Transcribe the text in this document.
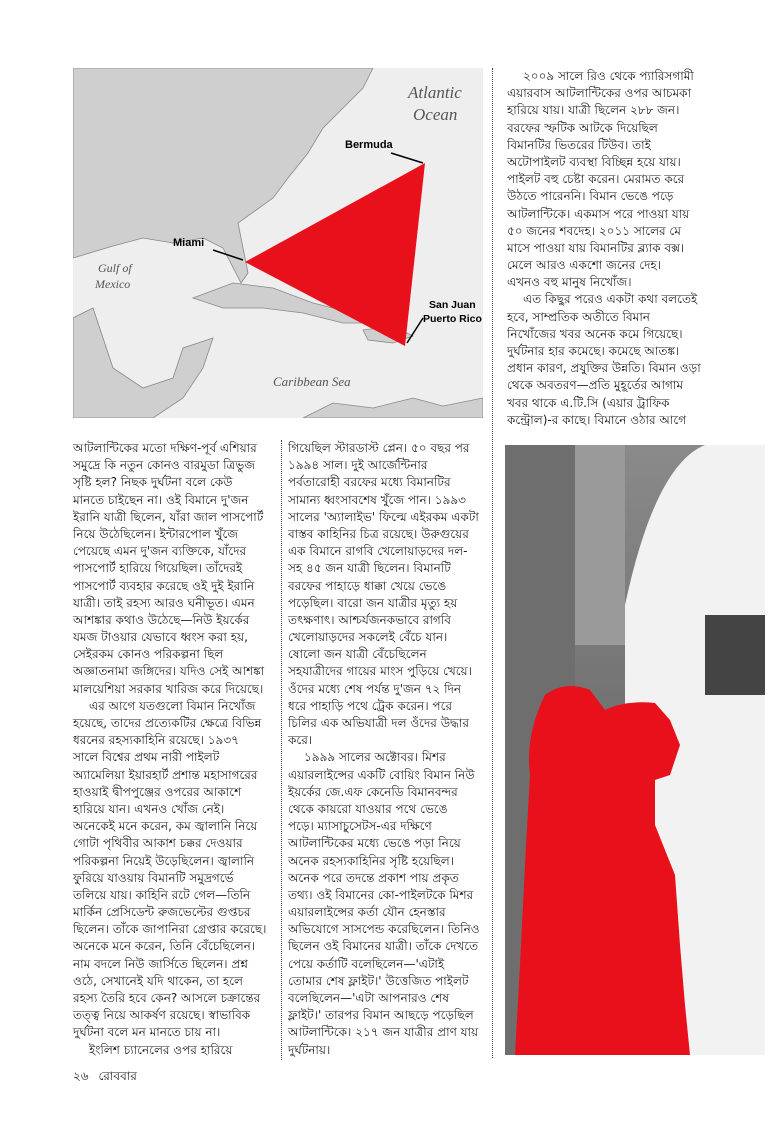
Atlantic
Ocean
Bermuda
Miami
Gulf of
Mexico
San Juan
Puerto Rico
Caribbean Sea
২০০৯ সালে রিও থেকে প্যারিসগামী
এয়ারবাস আটলান্টিকের ওপর আচমকা
হারিয়ে যায়। যাত্রী ছিলেন ২৮৮ জন।
বরফের স্ফটিক আটকে দিয়েছিল
বিমানটির ভিতরের টিউব। তাই
অটোপাইলট ব্যবস্থা বিচ্ছিন্ন হয়ে যায়।
পাইলট বহু চেষ্টা করেন। মেরামত করে
উঠতে পারেননি। বিমান ভেঙে পড়ে
আটলান্টিকে। একমাস পরে পাওয়া যায়
৫০ জনের শবদেহ। ২০১১ সালের মে
মাসে পাওয়া যায় বিমানটির ব্ল্যাক বক্স।
মেলে আরও একশো জনের দেহ।
এখনও বহু মানুষ নিখোঁজ।
এত কিছুর পরেও একটা কথা বলতেই
হবে, সাম্প্রতিক অতীতে বিমান
নিখোঁজের খবর অনেক কমে গিয়েছে।
দুর্ঘটনার হার কমেছে। কমেছে আতঙ্ক।
প্রধান কারণ, প্রযুক্তির উন্নতি। বিমান ওড়া
থেকে অবতরণ—প্রতি মুহূর্তের আগাম
খবর থাকে এ.টি.সি (এয়ার ট্রাফিক
কন্ট্রোল)-র কাছে। বিমানে ওঠার আগে
আটলান্টিকের মতো দক্ষিণ-পূর্ব এশিয়ার
সমুদ্রে কি নতুন কোনও বারমুডা ত্রিভুজ
সৃষ্টি হল? নিছক দুর্ঘটনা বলে কেউ
মানতে চাইছেন না। ওই বিমানে দু'জন
ইরানি যাত্রী ছিলেন, যাঁরা জাল পাসপোর্ট
নিয়ে উঠেছিলেন। ইন্টারপোল খুঁজে
পেয়েছে এমন দু'জন ব্যক্তিকে, যাঁদের
পাসপোর্ট হারিয়ে গিয়েছিল। তাঁদেরই
পাসপোর্ট ব্যবহার করেছে ওই দুই ইরানি
যাত্রী। তাই রহস্য আরও ঘনীভূত। এমন
আশঙ্কার কথাও উঠেছে—নিউ ইয়র্কের
যমজ টাওয়ার যেভাবে ধ্বংস করা হয়,
সেইরকম কোনও পরিকল্পনা ছিল
অজ্ঞাতনামা জঙ্গিদের। যদিও সেই আশঙ্কা
মালয়েশিয়া সরকার খারিজ করে দিয়েছে।
এর আগে যতগুলো বিমান নিখোঁজ
হয়েছে, তাদের প্রত্যেকটির ক্ষেত্রে বিভিন্ন
ধরনের রহস্যকাহিনি রয়েছে। ১৯৩৭
সালে বিশ্বের প্রথম নারী পাইলট
অ্যামেলিয়া ইয়ারহার্ট প্রশান্ত মহাসাগরের
হাওয়াই দ্বীপপুঞ্জের ওপরের আকাশে
হারিয়ে যান। এখনও খোঁজ নেই।
অনেকেই মনে করেন, কম জ্বালানি নিয়ে
গোটা পৃথিবীর আকাশ চক্কর দেওয়ার
পরিকল্পনা নিয়েই উড়েছিলেন। জ্বালানি
ফুরিয়ে যাওয়ায় বিমানটি সমুদ্রগর্ভে
তলিয়ে যায়। কাহিনি রটে গেল—তিনি
মার্কিন প্রেসিডেন্ট রুজভেল্টের গুপ্তচর
ছিলেন। তাঁকে জাপানিরা গ্রেপ্তার করেছে।
অনেকে মনে করেন, তিনি বেঁচেছিলেন।
নাম বদলে নিউ জার্সিতে ছিলেন। প্রশ্ন
ওঠে, সেখানেই যদি থাকেন, তা হলে
রহস্য তৈরি হবে কেন? আসলে চক্রান্তের
তত্ত্ব নিয়ে আকর্ষণ রয়েছে। স্বাভাবিক
দুর্ঘটনা বলে মন মানতে চায় না।
ইংলিশ চ্যানেলের ওপর হারিয়ে
গিয়েছিল স্টারডাস্ট প্লেন। ৫০ বছর পর
১৯৯৪ সাল। দুই আর্জেন্টিনার
পর্বতারোহী বরফের মধ্যে বিমানটির
সামান্য ধ্বংসাবশেষ খুঁজে পান। ১৯৯৩
সালের 'অ্যালাইভ' ফিল্মে এইরকম একটা
বাস্তব কাহিনির চিত্র রয়েছে। উরুগুয়ের
এক বিমানে রাগবি খেলোয়াড়দের দল-
সহ ৪৫ জন যাত্রী ছিলেন। বিমানটি
বরফের পাহাড়ে ধাক্কা খেয়ে ভেঙে
পড়েছিল। বারো জন যাত্রীর মৃত্যু হয়
তৎক্ষণাৎ। আশ্চর্যজনকভাবে রাগবি
খেলোয়াড়দের সকলেই বেঁচে যান।
ষোলো জন যাত্রী বেঁচেছিলেন
সহযাত্রীদের গায়ের মাংস পুড়িয়ে খেয়ে।
ওঁদের মধ্যে শেষ পর্যন্ত দু'জন ৭২ দিন
ধরে পাহাড়ি পথে ট্রেক করেন। পরে
চিলির এক অভিযাত্রী দল ওঁদের উদ্ধার
করে।
১৯৯৯ সালের অক্টোবর। মিশর
এয়ারলাইন্সের একটি বোয়িং বিমান নিউ
ইয়র্কের জে.এফ কেনেডি বিমানবন্দর
থেকে কায়রো যাওয়ার পথে ভেঙে
পড়ে। ম্যাসাচুসেটস-এর দক্ষিণে
আটলান্টিকের মধ্যে ভেঙে পড়া নিয়ে
অনেক রহস্যকাহিনির সৃষ্টি হয়েছিল।
অনেক পরে তদন্তে প্রকাশ পায় প্রকৃত
তথ্য। ওই বিমানের কো-পাইলটকে মিশর
এয়ারলাইন্সের কর্তা যৌন হেনস্তার
অভিযোগে সাসপেন্ড করেছিলেন। তিনিও
ছিলেন ওই বিমানের যাত্রী। তাঁকে দেখতে
পেয়ে কর্তাটি বলেছিলেন—'এটাই
তোমার শেষ ফ্লাইট।' উত্তেজিত পাইলট
বলেছিলেন—'এটা আপনারও শেষ
ফ্লাইট।' তারপর বিমান আছড়ে পড়েছিল
আটলান্টিকে। ২১৭ জন যাত্রীর প্রাণ যায়
দুর্ঘটনায়।
২৬ রোববার
